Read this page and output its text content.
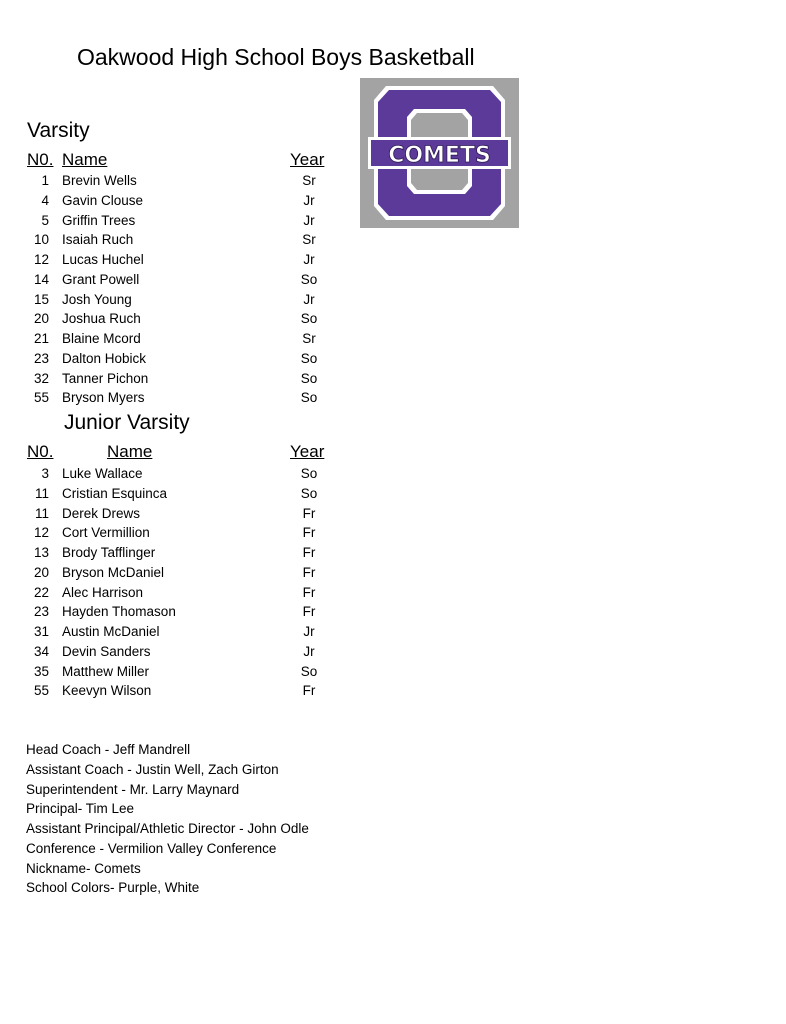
Oakwood High School Boys Basketball
COMETS
Varsity
N0. Name	Year
1 Brevin Wells	Sr
4 Gavin Clouse	Jr
5 Griffin Trees	Jr
10 Isaiah Ruch	Sr
12 Lucas Huchel	Jr
14 Grant Powell	So
15 Josh Young	Jr
20 Joshua Ruch	So
21 Blaine Mcord	Sr
23 Dalton Hobick	So
32 Tanner Pichon	So
55 Bryson Myers	So
Junior Varsity
N0.	Name	Year
3 Luke Wallace	So
11 Cristian Esquinca	So
11 Derek Drews	Fr
12 Cort Vermillion	Fr
13 Brody Tafflinger	Fr
20 Bryson McDaniel	Fr
22 Alec Harrison	Fr
23 Hayden Thomason	Fr
31 Austin McDaniel	Jr
34 Devin Sanders	Jr
35 Matthew Miller	So
55 Keevyn Wilson	Fr
Head Coach - Jeff Mandrell
Assistant Coach - Justin Well, Zach Girton
Superintendent - Mr. Larry Maynard
Principal- Tim Lee
Assistant Principal/Athletic Director - John Odle
Conference - Vermilion Valley Conference
Nickname- Comets
School Colors- Purple, White
